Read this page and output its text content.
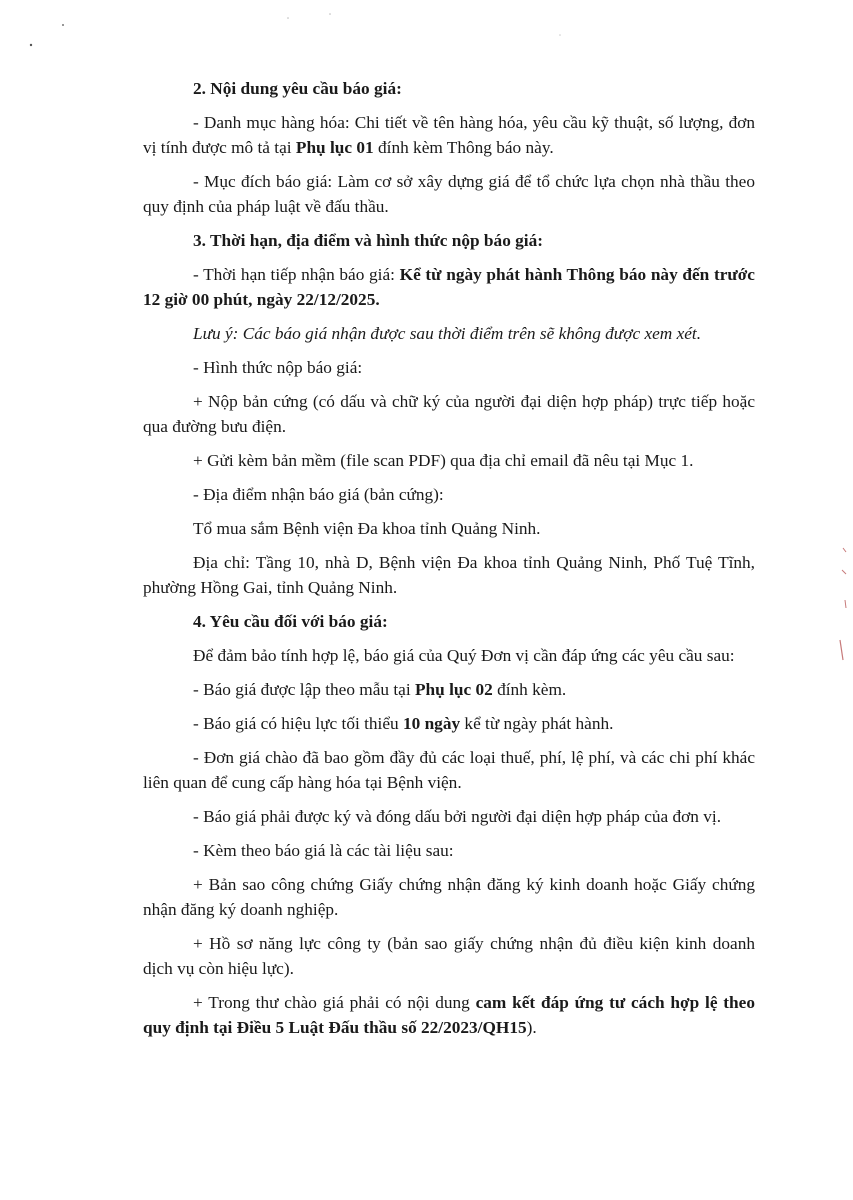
2. Nội dung yêu cầu báo giá:

- Danh mục hàng hóa: Chi tiết về tên hàng hóa, yêu cầu kỹ thuật, số lượng, đơn vị tính được mô tả tại Phụ lục 01 đính kèm Thông báo này.

- Mục đích báo giá: Làm cơ sở xây dựng giá để tổ chức lựa chọn nhà thầu theo quy định của pháp luật về đấu thầu.

3. Thời hạn, địa điểm và hình thức nộp báo giá:

- Thời hạn tiếp nhận báo giá: Kể từ ngày phát hành Thông báo này đến trước 12 giờ 00 phút, ngày 22/12/2025.

Lưu ý: Các báo giá nhận được sau thời điểm trên sẽ không được xem xét.

- Hình thức nộp báo giá:

+ Nộp bản cứng (có dấu và chữ ký của người đại diện hợp pháp) trực tiếp hoặc qua đường bưu điện.

+ Gửi kèm bản mềm (file scan PDF) qua địa chỉ email đã nêu tại Mục 1.

- Địa điểm nhận báo giá (bản cứng):

Tổ mua sắm Bệnh viện Đa khoa tỉnh Quảng Ninh.

Địa chỉ: Tầng 10, nhà D, Bệnh viện Đa khoa tỉnh Quảng Ninh, Phố Tuệ Tĩnh, phường Hồng Gai, tỉnh Quảng Ninh.

4. Yêu cầu đối với báo giá:

Để đảm bảo tính hợp lệ, báo giá của Quý Đơn vị cần đáp ứng các yêu cầu sau:

- Báo giá được lập theo mẫu tại Phụ lục 02 đính kèm.

- Báo giá có hiệu lực tối thiểu 10 ngày kể từ ngày phát hành.

- Đơn giá chào đã bao gồm đầy đủ các loại thuế, phí, lệ phí, và các chi phí khác liên quan để cung cấp hàng hóa tại Bệnh viện.

- Báo giá phải được ký và đóng dấu bởi người đại diện hợp pháp của đơn vị.

- Kèm theo báo giá là các tài liệu sau:

+ Bản sao công chứng Giấy chứng nhận đăng ký kinh doanh hoặc Giấy chứng nhận đăng ký doanh nghiệp.

+ Hồ sơ năng lực công ty (bản sao giấy chứng nhận đủ điều kiện kinh doanh dịch vụ còn hiệu lực).

+ Trong thư chào giá phải có nội dung cam kết đáp ứng tư cách hợp lệ theo quy định tại Điều 5 Luật Đấu thầu số 22/2023/QH15).
